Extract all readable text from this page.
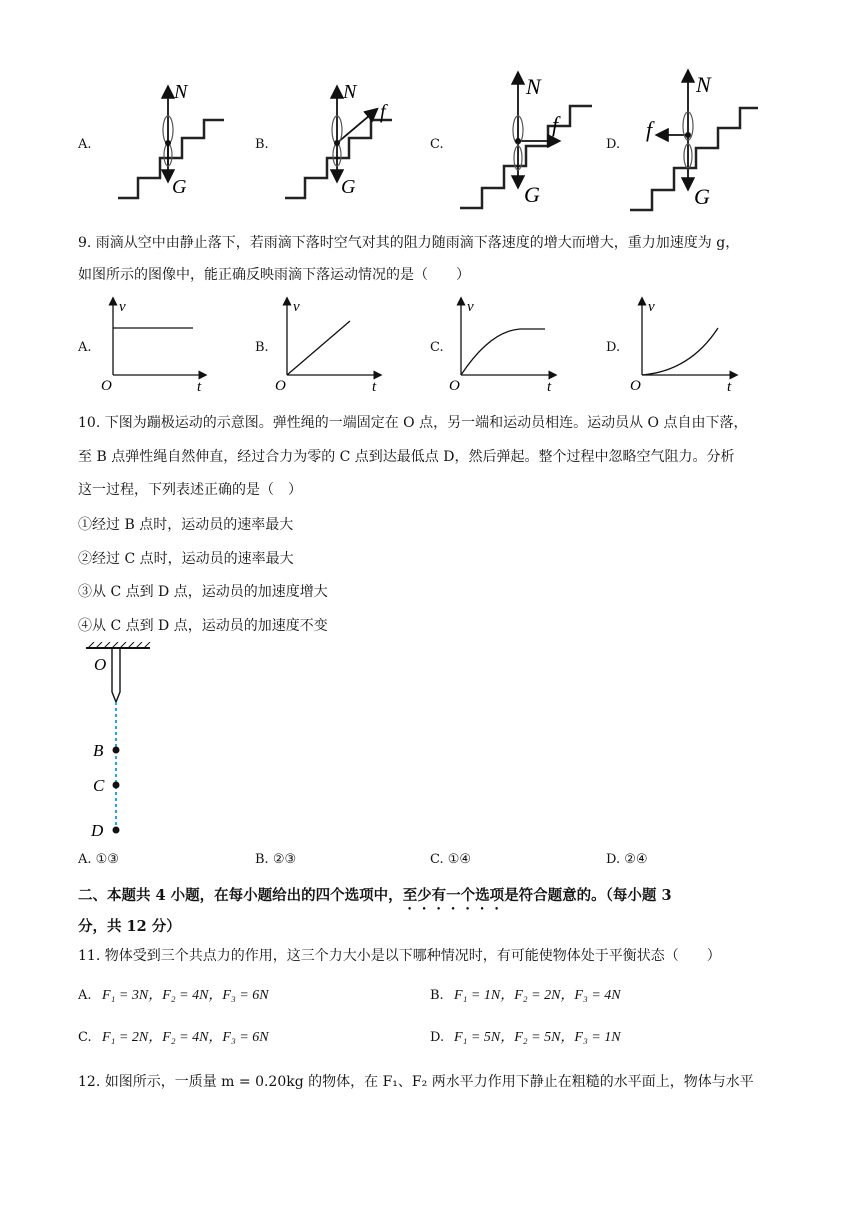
A.	B.	C.	D.
N
G
N
G
f
N
G
f
N
G
f
9. 雨滴从空中由静止落下，若雨滴下落时空气对其的阻力随雨滴下落速度的增大而增大，重力加速度为 g，
如图所示的图像中，能正确反映雨滴下落运动情况的是（　　）
A.	B.	C.	D.
v
t
O
v
t
O
v
t
O
v
t
O
10. 下图为蹦极运动的示意图。弹性绳的一端固定在 O 点，另一端和运动员相连。运动员从 O 点自由下落，
至 B 点弹性绳自然伸直，经过合力为零的 C 点到达最低点 D，然后弹起。整个过程中忽略空气阻力。分析
这一过程，下列表述正确的是（　）
①经过 B 点时，运动员的速率最大
②经过 C 点时，运动员的速率最大
③从 C 点到 D 点，运动员的加速度增大
④从 C 点到 D 点，运动员的加速度不变
O
B
C
D
A. ①③	B. ②③	C. ①④	D. ②④
二、本题共 4 小题，在每小题给出的四个选项中，至少有一个选项是符合题意的。（每小题 3
分，共 12 分）
11. 物体受到三个共点力的作用，这三个力大小是以下哪种情况时，有可能使物体处于平衡状态（　　）
A. F₁ = 3N，F₂ = 4N，F₃ = 6N	B. F₁ = 1N，F₂ = 2N，F₃ = 4N
C. F₁ = 2N，F₂ = 4N，F₃ = 6N	D. F₁ = 5N，F₂ = 5N，F₃ = 1N
12. 如图所示，一质量 m = 0.20kg 的物体，在 F₁、F₂ 两水平力作用下静止在粗糙的水平面上，物体与水平
